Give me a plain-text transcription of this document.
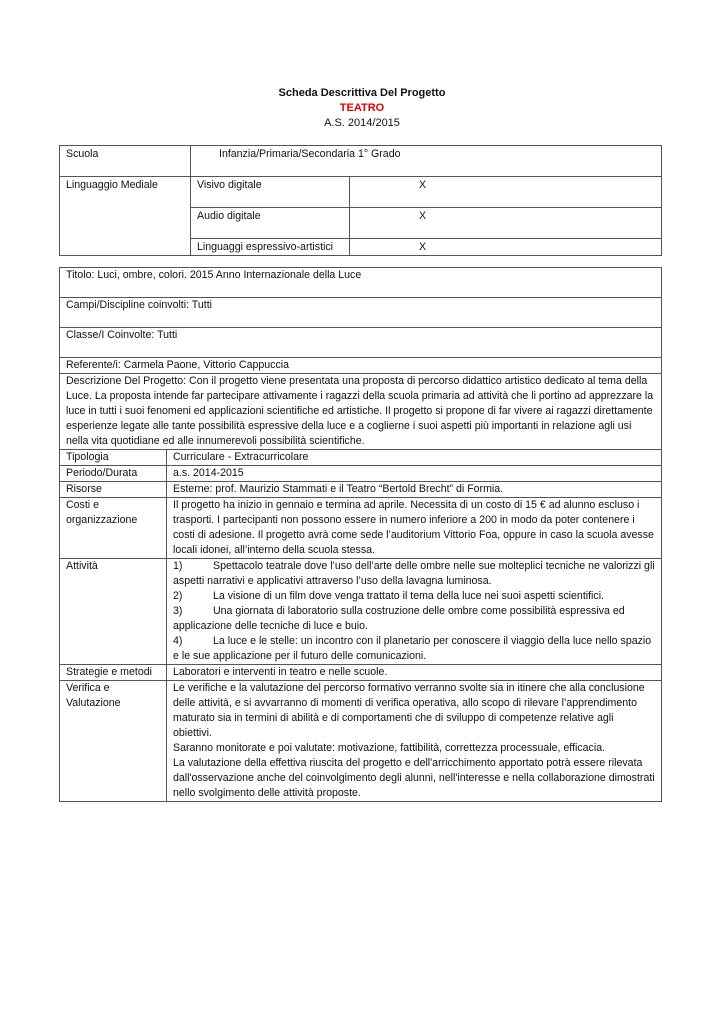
Scheda Descrittiva Del Progetto
TEATRO
A.S. 2014/2015
Scuola	Infanzia/Primaria/Secondaria 1° Grado	
Linguaggio Mediale	Visivo digitale	X
	Audio digitale	X
	Linguaggi espressivo-artistici	X
Titolo: Luci, ombre, colori. 2015 Anno Internazionale della Luce	
Campi/Discipline coinvolti: Tutti	
Classe/I Coinvolte: Tutti	
Referente/i: Carmela Paone, Vittorio Cappuccia	
Descrizione Del Progetto: Con il progetto viene presentata una proposta di percorso didattico artistico dedicato al tema della Luce. La proposta intende far partecipare attivamente i ragazzi della scuola primaria ad attività che li portino ad apprezzare la luce in tutti i suoi fenomeni ed applicazioni scientifiche ed artistiche. Il progetto si propone di far vivere ai ragazzi direttamente esperienze legate alle tante possibilità espressive della luce e a coglierne i suoi aspetti più importanti in relazione agli usi nella vita quotidiane ed alle innumerevoli possibilità scientifiche.	
Tipologia	Curriculare - Extracurricolare
Periodo/Durata	a.s. 2014-2015
Risorse	Esterne: prof. Maurizio Stammati e il Teatro “Bertold Brecht” di Formia.
Costi e organizzazione	Il progetto ha inizio in gennaio e termina ad aprile. Necessita di un costo di 15 € ad alunno escluso i trasporti. I partecipanti non possono essere in numero inferiore a 200 in modo da poter contenere i costi di adesione. Il progetto avrà come sede l’auditorium Vittorio Foa, oppure in caso la scuola avesse locali idonei, all’interno della scuola stessa.
Attività	1) Spettacolo teatrale dove l’uso dell’arte delle ombre nelle sue molteplici tecniche ne valorizzi gli aspetti narrativi e applicativi attraverso l’uso della lavagna luminosa.

2) La visione di un film dove venga trattato il tema della luce nei suoi aspetti scientifici.

3) Una giornata di laboratorio sulla costruzione delle ombre come possibilità espressiva ed applicazione delle tecniche di luce e buio.

4) La luce e le stelle: un incontro con il planetario per conoscere il viaggio della luce nello spazio e le sue applicazione per il futuro delle comunicazioni.

Strategie e metodi	Laboratori e interventi in teatro e nelle scuole.
Verifica e Valutazione	Le verifiche e la valutazione del percorso formativo verranno svolte sia in itinere che alla conclusione delle attività, e si avvarranno di momenti di verifica operativa, allo scopo di rilevare l’apprendimento maturato sia in termini di abilità e di comportamenti che di sviluppo di competenze relative agli obiettivi.

Saranno monitorate e poi valutate: motivazione, fattibilità, correttezza processuale, efficacia.

La valutazione della effettiva riuscita del progetto e dell'arricchimento apportato potrà essere rilevata dall'osservazione anche del coinvolgimento degli alunni, nell'interesse e nella collaborazione dimostrati nello svolgimento delle attività proposte.
